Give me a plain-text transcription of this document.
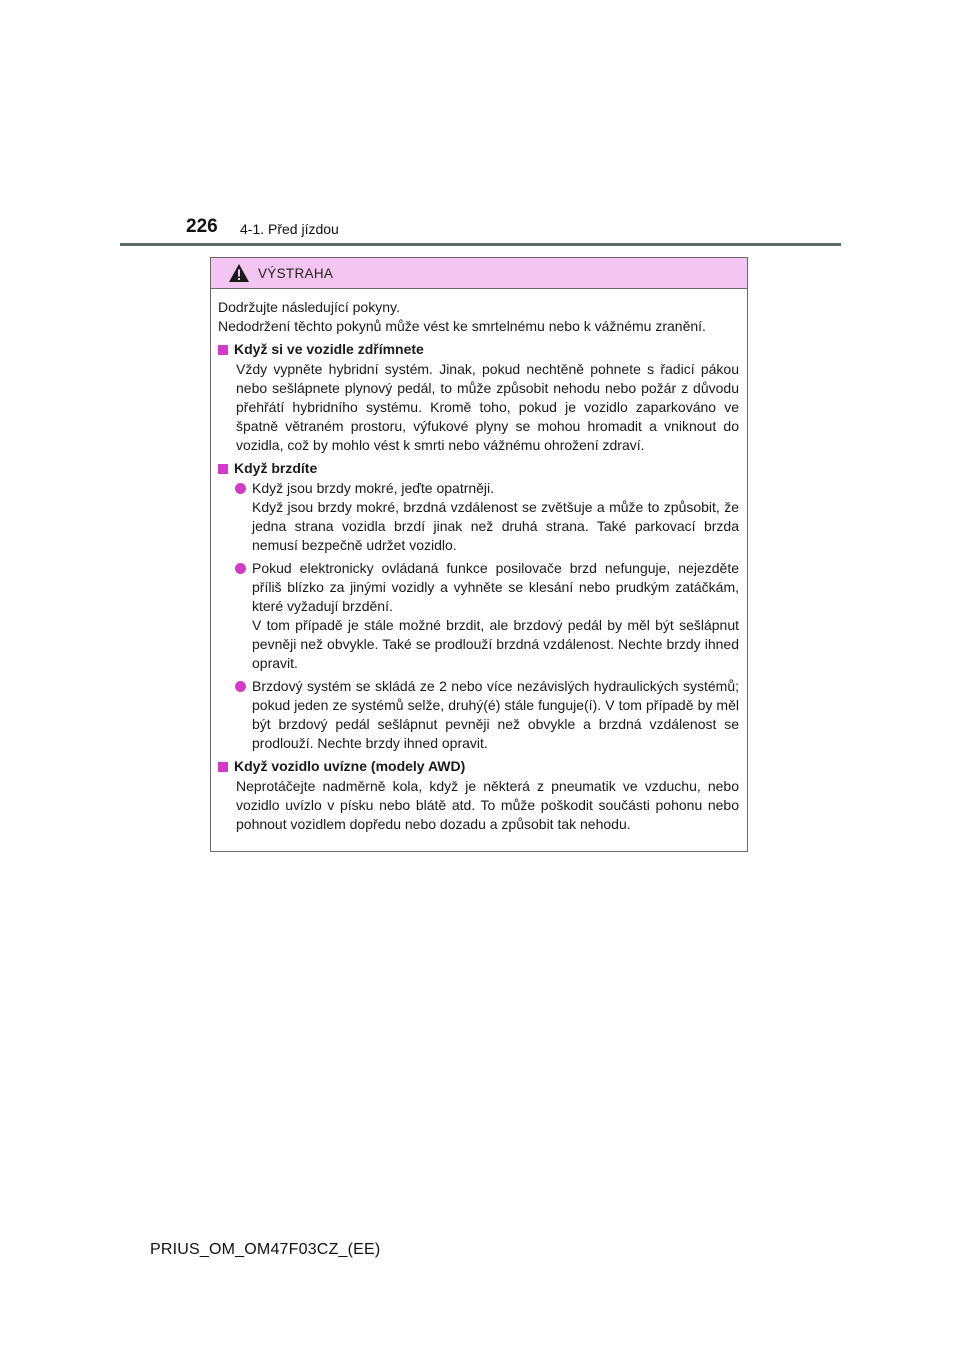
226 4-1. Před jízdou
VÝSTRAHA
Dodržujte následující pokyny.
Nedodržení těchto pokynů může vést ke smrtelnému nebo k vážnému zranění.
Když si ve vozidle zdřímnete
Vždy vypněte hybridní systém. Jinak, pokud nechtěně pohnete s řadicí pákou nebo sešlápnete plynový pedál, to může způsobit nehodu nebo požár z důvodu přehřátí hybridního systému. Kromě toho, pokud je vozidlo zaparkováno ve špatně větraném prostoru, výfukové plyny se mohou hromadit a vniknout do vozidla, což by mohlo vést k smrti nebo vážnému ohrožení zdraví.
Když brzdíte
Když jsou brzdy mokré, jeďte opatrněji.
Když jsou brzdy mokré, brzdná vzdálenost se zvětšuje a může to způsobit, že jedna strana vozidla brzdí jinak než druhá strana. Také parkovací brzda nemusí bezpečně udržet vozidlo.
Pokud elektronicky ovládaná funkce posilovače brzd nefunguje, nejezděte příliš blízko za jinými vozidly a vyhněte se klesání nebo prudkým zatáčkám, které vyžadují brzdění.
V tom případě je stále možné brzdit, ale brzdový pedál by měl být sešlápnut pevněji než obvykle. Také se prodlouží brzdná vzdálenost. Nechte brzdy ihned opravit.
Brzdový systém se skládá ze 2 nebo více nezávislých hydraulických systémů; pokud jeden ze systémů selže, druhý(é) stále funguje(í). V tom případě by měl být brzdový pedál sešlápnut pevněji než obvykle a brzdná vzdálenost se prodlouží. Nechte brzdy ihned opravit.
Když vozidlo uvízne (modely AWD)
Neprotáčejte nadměrně kola, když je některá z pneumatik ve vzduchu, nebo vozidlo uvízlo v písku nebo blátě atd. To může poškodit součásti pohonu nebo pohnout vozidlem dopředu nebo dozadu a způsobit tak nehodu.
PRIUS_OM_OM47F03CZ_(EE)
